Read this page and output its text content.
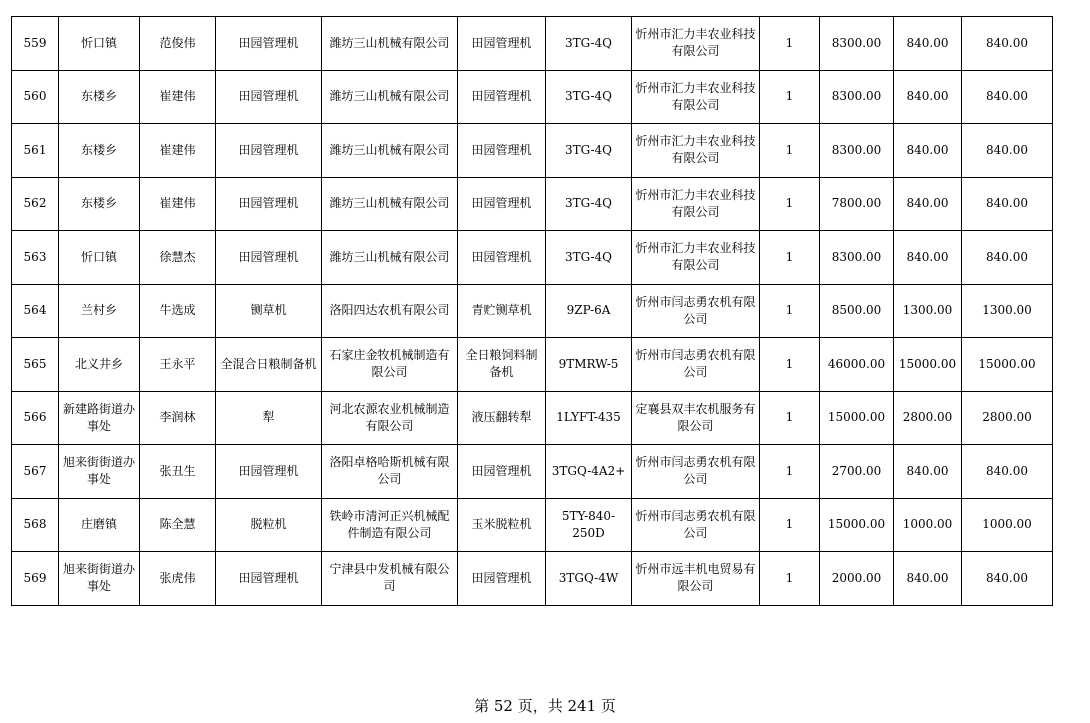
559	忻口镇	范俊伟	田园管理机	潍坊三山机械有限公司	田园管理机	3TG-4Q	忻州市汇力丰农业科技有限公司	1	8300.00	840.00	840.00
560	东楼乡	崔建伟	田园管理机	潍坊三山机械有限公司	田园管理机	3TG-4Q	忻州市汇力丰农业科技有限公司	1	8300.00	840.00	840.00
561	东楼乡	崔建伟	田园管理机	潍坊三山机械有限公司	田园管理机	3TG-4Q	忻州市汇力丰农业科技有限公司	1	8300.00	840.00	840.00
562	东楼乡	崔建伟	田园管理机	潍坊三山机械有限公司	田园管理机	3TG-4Q	忻州市汇力丰农业科技有限公司	1	7800.00	840.00	840.00
563	忻口镇	徐慧杰	田园管理机	潍坊三山机械有限公司	田园管理机	3TG-4Q	忻州市汇力丰农业科技有限公司	1	8300.00	840.00	840.00
564	兰村乡	牛选成	铡草机	洛阳四达农机有限公司	青贮铡草机	9ZP-6A	忻州市闫志勇农机有限公司	1	8500.00	1300.00	1300.00
565	北义井乡	王永平	全混合日粮制备机	石家庄金牧机械制造有限公司	全日粮饲料制备机	9TMRW-5	忻州市闫志勇农机有限公司	1	46000.00	15000.00	15000.00
566	新建路街道办事处	李润林	犁	河北农源农业机械制造有限公司	液压翻转犁	1LYFT-435	定襄县双丰农机服务有限公司	1	15000.00	2800.00	2800.00
567	旭来街街道办事处	张丑生	田园管理机	洛阳卓格哈斯机械有限公司	田园管理机	3TGQ-4A2+	忻州市闫志勇农机有限公司	1	2700.00	840.00	840.00
568	庄磨镇	陈全慧	脱粒机	铁岭市清河正兴机械配件制造有限公司	玉米脱粒机	5TY-840-250D	忻州市闫志勇农机有限公司	1	15000.00	1000.00	1000.00
569	旭来街街道办事处	张虎伟	田园管理机	宁津县中发机械有限公司	田园管理机	3TGQ-4W	忻州市远丰机电贸易有限公司	1	2000.00	840.00	840.00
第 52 页，共 241 页
